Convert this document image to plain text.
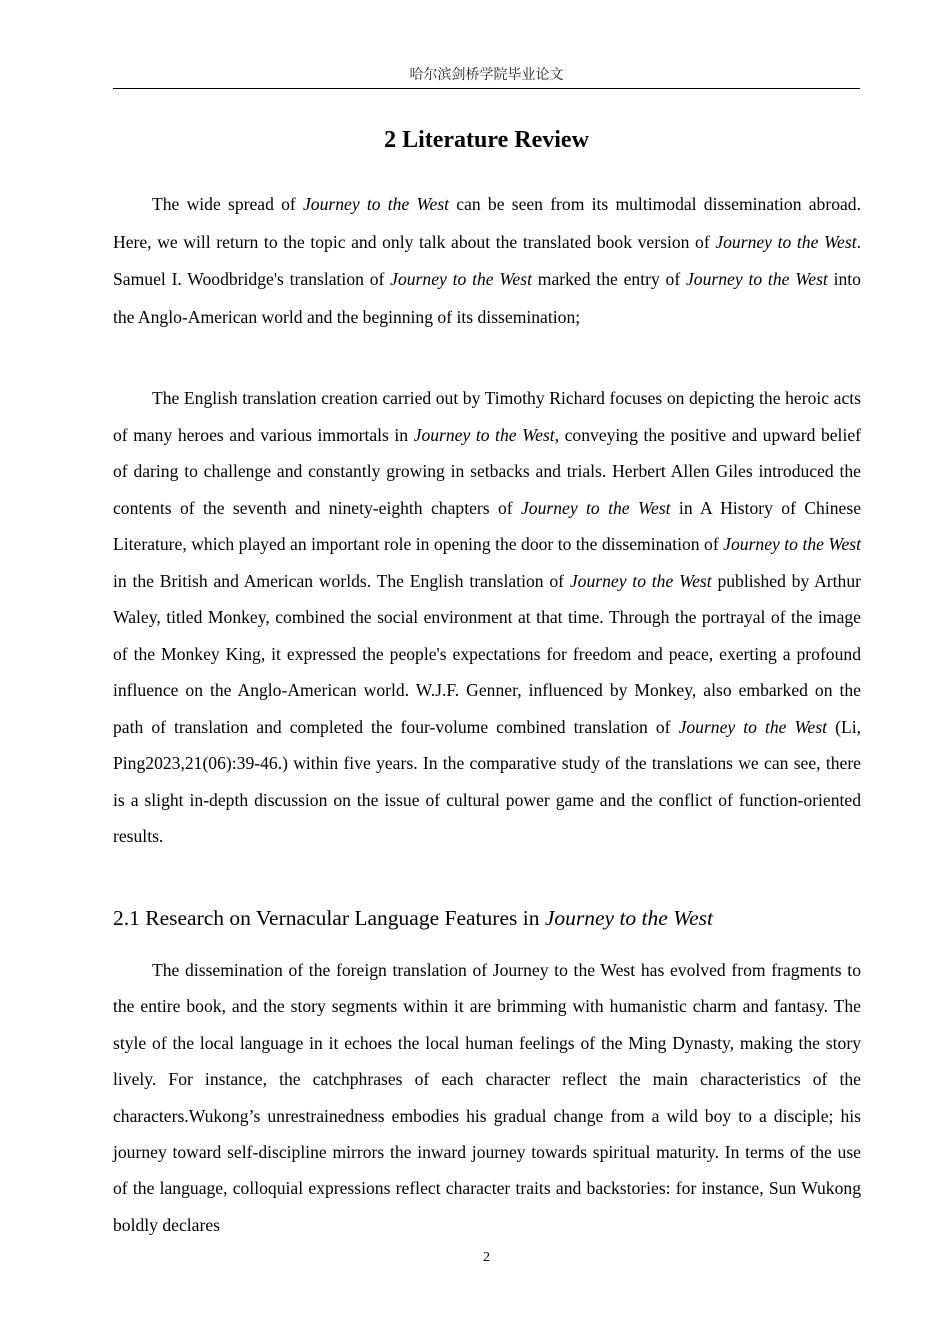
哈尔滨剑桥学院毕业论文
2 Literature Review

The wide spread of Journey to the West can be seen from its multimodal dissemination abroad. Here, we will return to the topic and only talk about the translated book version of Journey to the West. Samuel I. Woodbridge's translation of Journey to the West marked the entry of Journey to the West into the Anglo-American world and the beginning of its dissemination;

The English translation creation carried out by Timothy Richard focuses on depicting the heroic acts of many heroes and various immortals in Journey to the West, conveying the positive and upward belief of daring to challenge and constantly growing in setbacks and trials. Herbert Allen Giles introduced the contents of the seventh and ninety-eighth chapters of Journey to the West in A History of Chinese Literature, which played an important role in opening the door to the dissemination of Journey to the West in the British and American worlds. The English translation of Journey to the West published by Arthur Waley, titled Monkey, combined the social environment at that time. Through the portrayal of the image of the Monkey King, it expressed the people's expectations for freedom and peace, exerting a profound influence on the Anglo-American world. W.J.F. Genner, influenced by Monkey, also embarked on the path of translation and completed the four-volume combined translation of Journey to the West (Li, Ping2023,21(06):39-46.) within five years. In the comparative study of the translations we can see, there is a slight in-depth discussion on the issue of cultural power game and the conflict of function-oriented results.

2.1 Research on Vernacular Language Features in Journey to the West

The dissemination of the foreign translation of Journey to the West has evolved from fragments to the entire book, and the story segments within it are brimming with humanistic charm and fantasy. The style of the local language in it echoes the local human feelings of the Ming Dynasty, making the story lively. For instance, the catchphrases of each character reflect the main characteristics of the characters.Wukong’s unrestrainedness embodies his gradual change from a wild boy to a disciple; his journey toward self-discipline mirrors the inward journey towards spiritual maturity. In terms of the use of the language, colloquial expressions reflect character traits and backstories: for instance, Sun Wukong boldly declares

2
